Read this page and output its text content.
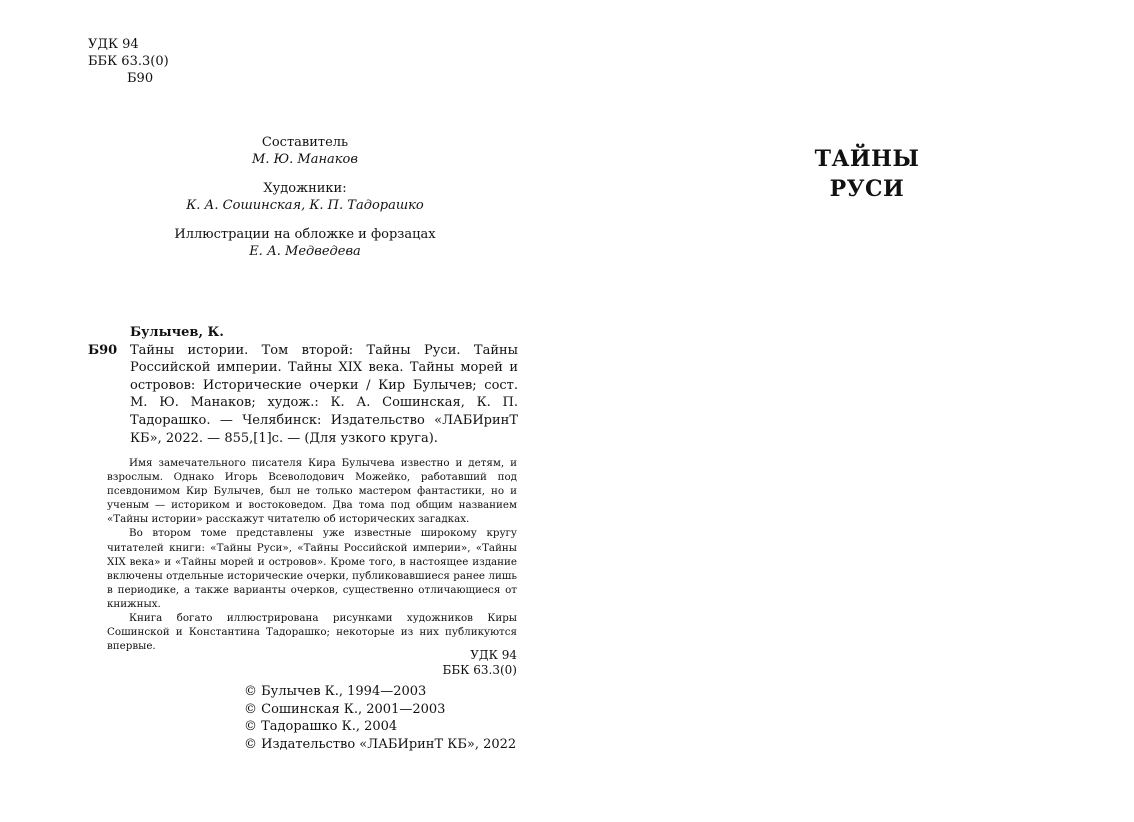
УДК 94
ББК 63.3(0)
Б90
Составитель
М. Ю. Манаков
Художники:
К. А. Сошинская, К. П. Тадорашко
Иллюстрации на обложке и форзацах
Е. А. Медведева
Булычев, К.
Б90 Тайны истории. Том второй: Тайны Руси. Тайны Российской империи. Тайны XIX века. Тайны морей и островов: Исторические очерки / Кир Булычев; сост. М. Ю. Манаков; худож.: К. А. Сошинская, К. П. Тадорашко. — Челябинск: Издательство «ЛАБИринТ КБ», 2022. — 855,[1]с. — (Для узкого круга).

Имя замечательного писателя Кира Булычева известно и детям, и взрослым. Однако Игорь Всеволодович Можейко, работавший под псевдонимом Кир Булычев, был не только мастером фантастики, но и ученым — историком и востоковедом. Два тома под общим названием «Тайны истории» расскажут читателю об исторических загадках.

Во втором томе представлены уже известные широкому кругу читателей книги: «Тайны Руси», «Тайны Российской империи», «Тайны XIX века» и «Тайны морей и островов». Кроме того, в настоящее издание включены отдельные исторические очерки, публиковавшиеся ранее лишь в периодике, а также варианты очерков, существенно отличающиеся от книжных.

Книга богато иллюстрирована рисунками художников Киры Сошинской и Константина Тадорашко; некоторые из них публикуются впервые.

УДК 94
ББК 63.3(0)
© Булычев К., 1994—2003
© Сошинская К., 2001—2003
© Тадорашко К., 2004
© Издательство «ЛАБИринТ КБ», 2022
ТАЙНЫ
РУСИ
